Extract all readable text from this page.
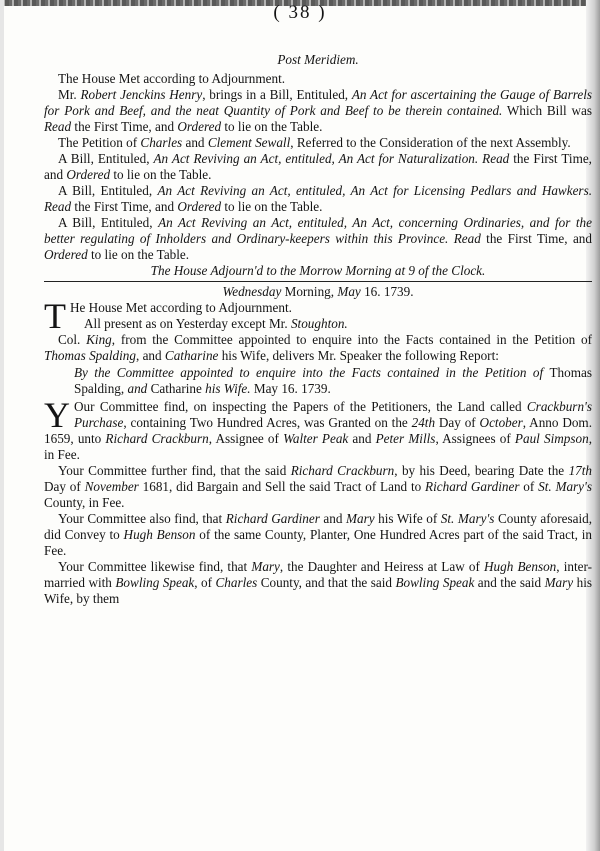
( 38 )

Post Meridiem.

The House Met according to Adjournment.

Mr. Robert Jenckins Henry, brings in a Bill, Entituled, An Act for ascertaining the Gauge of Barrels for Pork and Beef, and the neat Quantity of Pork and Beef to be therein contained. Which Bill was Read the First Time, and Ordered to lie on the Table.

The Petition of Charles and Clement Sewall, Referred to the Consideration of the next Assembly.

A Bill, Entituled, An Act Reviving an Act, entituled, An Act for Naturalization. Read the First Time, and Ordered to lie on the Table.

A Bill, Entituled, An Act Reviving an Act, entituled, An Act for Licensing Pedlars and Hawkers. Read the First Time, and Ordered to lie on the Table.

A Bill, Entituled, An Act Reviving an Act, entituled, An Act, concerning Ordinaries, and for the better regulating of Inholders and Ordinary-keepers within this Province. Read the First Time, and Ordered to lie on the Table.

The House Adjourn'd to the Morrow Morning at 9 of the Clock.

Wednesday Morning, May 16. 1739.

T He House Met according to Adjournment.

All present as on Yesterday except Mr. Stoughton.

Col. King, from the Committee appointed to enquire into the Facts contained in the Petition of Thomas Spalding, and Catharine his Wife, delivers Mr. Speaker the following Report:

By the Committee appointed to enquire into the Facts contained in the Petition of Thomas Spalding, and Catharine his Wife. May 16. 1739.

Y Our Committee find, on inspecting the Papers of the Petitioners, the Land called Crackburn's Purchase, containing Two Hundred Acres, was Granted on the 24th Day of October, Anno Dom. 1659, unto Richard Crackburn, Assignee of Walter Peak and Peter Mills, Assignees of Paul Simpson, in Fee.

Your Committee further find, that the said Richard Crackburn, by his Deed, bearing Date the 17th Day of November 1681, did Bargain and Sell the said Tract of Land to Richard Gardiner of St. Mary's County, in Fee.

Your Committee also find, that Richard Gardiner and Mary his Wife of St. Mary's County aforesaid, did Convey to Hugh Benson of the same County, Planter, One Hundred Acres part of the said Tract, in Fee.

Your Committee likewise find, that Mary, the Daughter and Heiress at Law of Hugh Benson, inter-married with Bowling Speak, of Charles County, and that the said Bowling Speak and the said Mary his Wife, by them
